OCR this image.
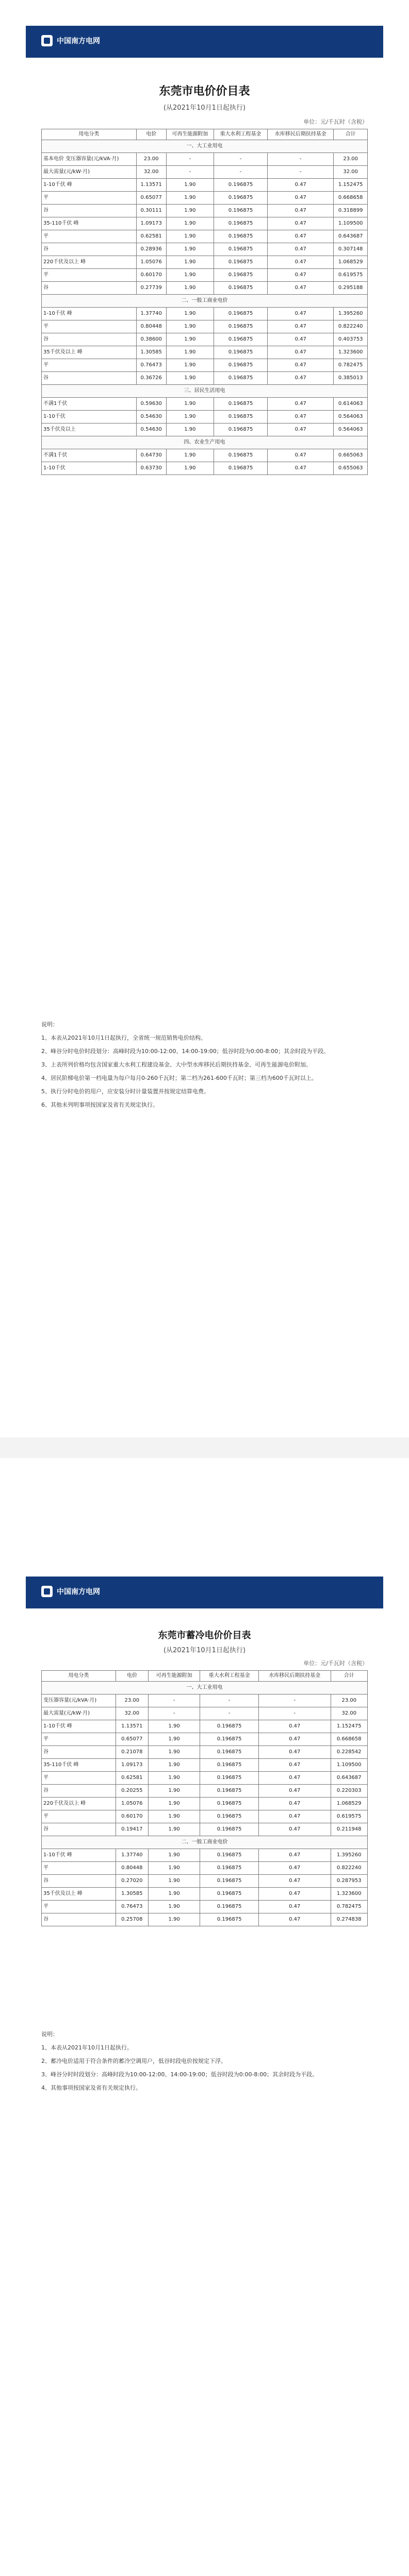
中国南方电网
东莞市电价价目表
(从2021年10月1日起执行)
单位：元/千瓦时（含税）
用电分类	电价	可再生能源附加	重大水利工程基金	水库移民后期扶持基金	合计
一、大工业用电					
基本电价 变压器容量(元/kVA·月)	23.00	-	-	-	23.00
最大需量(元/kW·月)	32.00	-	-	-	32.00
1-10千伏 峰	1.13571	1.90	0.196875	0.47	1.152475
平	0.65077	1.90	0.196875	0.47	0.668658
谷	0.30111	1.90	0.196875	0.47	0.318899
35-110千伏 峰	1.09173	1.90	0.196875	0.47	1.109500
平	0.62581	1.90	0.196875	0.47	0.643687
谷	0.28936	1.90	0.196875	0.47	0.307148
220千伏及以上 峰	1.05076	1.90	0.196875	0.47	1.068529
平	0.60170	1.90	0.196875	0.47	0.619575
谷	0.27739	1.90	0.196875	0.47	0.295188
二、一般工商业电价					
1-10千伏 峰	1.37740	1.90	0.196875	0.47	1.395260
平	0.80448	1.90	0.196875	0.47	0.822240
谷	0.38600	1.90	0.196875	0.47	0.403753
35千伏及以上 峰	1.30585	1.90	0.196875	0.47	1.323600
平	0.76473	1.90	0.196875	0.47	0.782475
谷	0.36726	1.90	0.196875	0.47	0.385013
三、居民生活用电					
不满1千伏	0.59630	1.90	0.196875	0.47	0.614063
1-10千伏	0.54630	1.90	0.196875	0.47	0.564063
35千伏及以上	0.54630	1.90	0.196875	0.47	0.564063
四、农业生产用电					
不满1千伏	0.64730	1.90	0.196875	0.47	0.665063
1-10千伏	0.63730	1.90	0.196875	0.47	0.655063

说明：

1、本表从2021年10月1日起执行，全省统一规范销售电价结构。

2、峰谷分时电价时段划分：高峰时段为10:00-12:00、14:00-19:00；低谷时段为0:00-8:00；其余时段为平段。

3、上表所列价格均包含国家重大水利工程建设基金、大中型水库移民后期扶持基金、可再生能源电价附加。

4、居民阶梯电价第一档电量为每户每月0-260千瓦时；第二档为261-600千瓦时；第三档为600千瓦时以上。

5、执行分时电价的用户，应安装分时计量装置并按规定结算电费。

6、其他未列明事项按国家及省有关规定执行。

中国南方电网
东莞市蓄冷电价价目表
(从2021年10月1日起执行)
单位：元/千瓦时（含税）
用电分类	电价	可再生能源附加	重大水利工程基金	水库移民后期扶持基金	合计
一、大工业用电					
变压器容量(元/kVA·月)	23.00	-	-	-	23.00
最大需量(元/kW·月)	32.00	-	-	-	32.00
1-10千伏 峰	1.13571	1.90	0.196875	0.47	1.152475
平	0.65077	1.90	0.196875	0.47	0.668658
谷	0.21078	1.90	0.196875	0.47	0.228542
35-110千伏 峰	1.09173	1.90	0.196875	0.47	1.109500
平	0.62581	1.90	0.196875	0.47	0.643687
谷	0.20255	1.90	0.196875	0.47	0.220303
220千伏及以上 峰	1.05076	1.90	0.196875	0.47	1.068529
平	0.60170	1.90	0.196875	0.47	0.619575
谷	0.19417	1.90	0.196875	0.47	0.211948
二、一般工商业电价					
1-10千伏 峰	1.37740	1.90	0.196875	0.47	1.395260
平	0.80448	1.90	0.196875	0.47	0.822240
谷	0.27020	1.90	0.196875	0.47	0.287953
35千伏及以上 峰	1.30585	1.90	0.196875	0.47	1.323600
平	0.76473	1.90	0.196875	0.47	0.782475
谷	0.25708	1.90	0.196875	0.47	0.274838

说明：

1、本表从2021年10月1日起执行。

2、蓄冷电价适用于符合条件的蓄冷空调用户，低谷时段电价按规定下浮。

3、峰谷分时时段划分：高峰时段为10:00-12:00、14:00-19:00；低谷时段为0:00-8:00；其余时段为平段。

4、其他事项按国家及省有关规定执行。
